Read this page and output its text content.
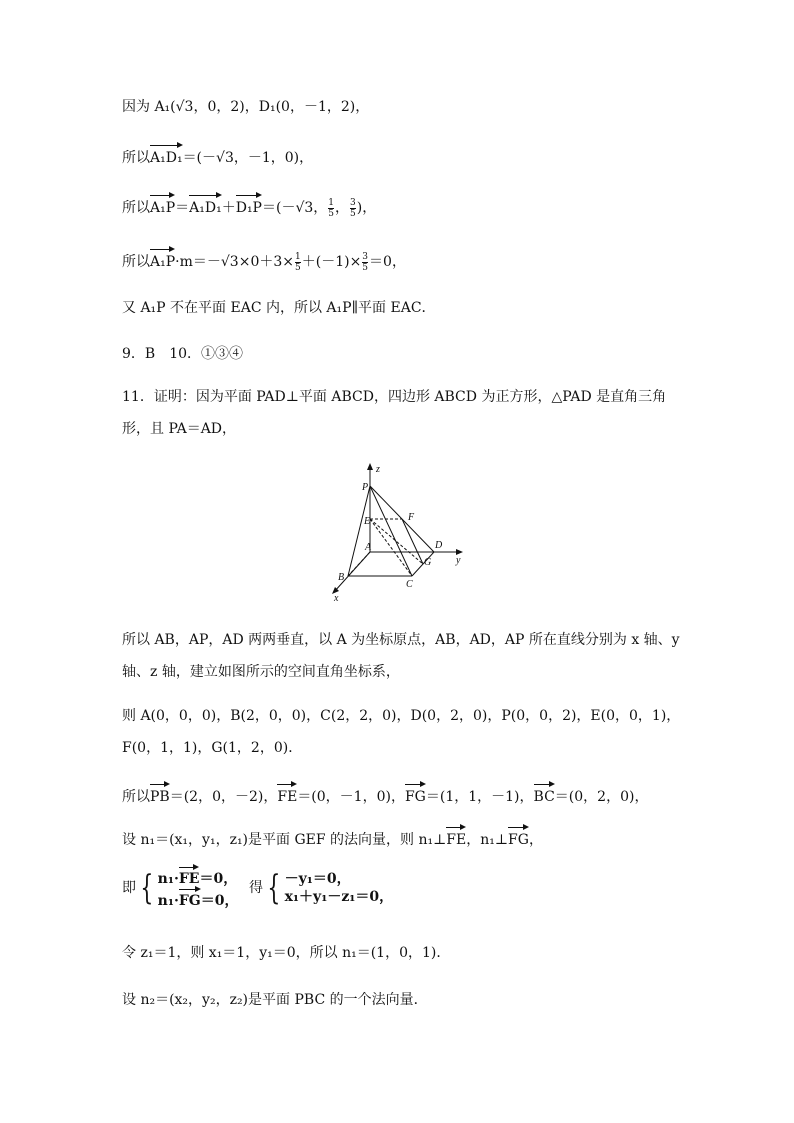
因为 A₁(√3，0，2)，D₁(0，－1，2)，
所以A₁D₁＝(－√3，－1，0)，
所以A₁P＝A₁D₁＋D₁P＝(－√3， $\frac{1}{5}$ ， $\frac{3}{5}$ )，
所以$A_1P\cdot m=-√3\times 0+3\times \frac{1}{5} +(-1)\times \frac{3}{5} =0$，
又 A₁P 不在平面 EAC 内，所以 A₁P∥平面 EAC．
9．B　10．①③④
11．证明：因为平面 PAD⊥平面 ABCD，四边形 ABCD 为正方形，△PAD 是直角三角形，且 PA＝AD，
z
y
x
P
E	F
A	D
G
B
C
所以 AB，AP，AD 两两垂直，以 A 为坐标原点，AB，AD，AP 所在直线分别为 x 轴、y 轴、z 轴，建立如图所示的空间直角坐标系，
则 A(0，0，0)，B(2，0，0)，C(2，2，0)，D(0，2，0)，P(0，0，2)，E(0，0，1)，F(0，1，1)，G(1，2，0)．
所以PB＝(2，0，－2)，FE＝(0，－1，0)，FG＝(1，1，－1)，BC＝(0，2，0)，
设 n₁＝(x₁，y₁，z₁)是平面 GEF 的法向量，则 n₁⊥FE，n₁⊥FG，
即 { n₁·FE＝0，
n₁·FG＝0，
得 { －y₁＝0，
x₁＋y₁－z₁＝0，
令 z₁＝1，则 x₁＝1，y₁＝0，所以 n₁＝(1，0，1)．
设 n₂＝(x₂，y₂，z₂)是平面 PBC 的一个法向量．
